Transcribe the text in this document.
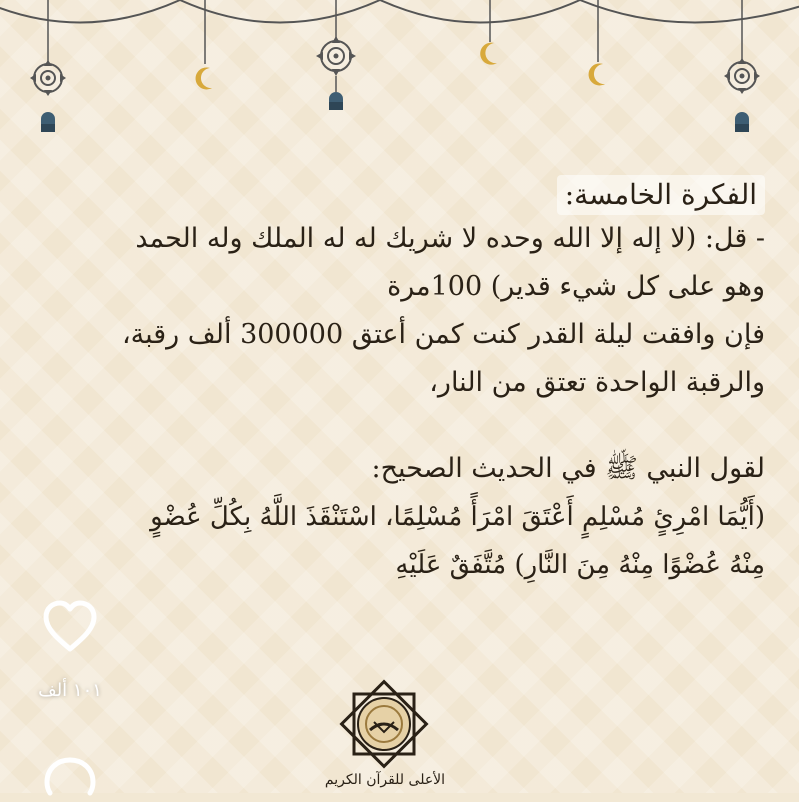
الفكرة الخامسة:
- قل: (لا إله إلا الله وحده لا شريك له له الملك وله الحمد
وهو على كل شيء قدير) 100مرة
فإن وافقت ليلة القدر كنت كمن أعتق 300000 ألف رقبة،
والرقبة الواحدة تعتق من النار،
لقول النبي ﷺ في الحديث الصحيح:
(أَيُّمَا امْرِئٍ مُسْلِمٍ أَعْتَقَ امْرَأً مُسْلِمًا، اسْتَنْقَذَ اللَّهُ بِكُلِّ عُضْوٍ
مِنْهُ عُضْوًا مِنْهُ مِنَ النَّارِ) مُتَّفَقٌ عَلَيْهِ
١٠١ ألف
الأعلى للقرآن الكريم
